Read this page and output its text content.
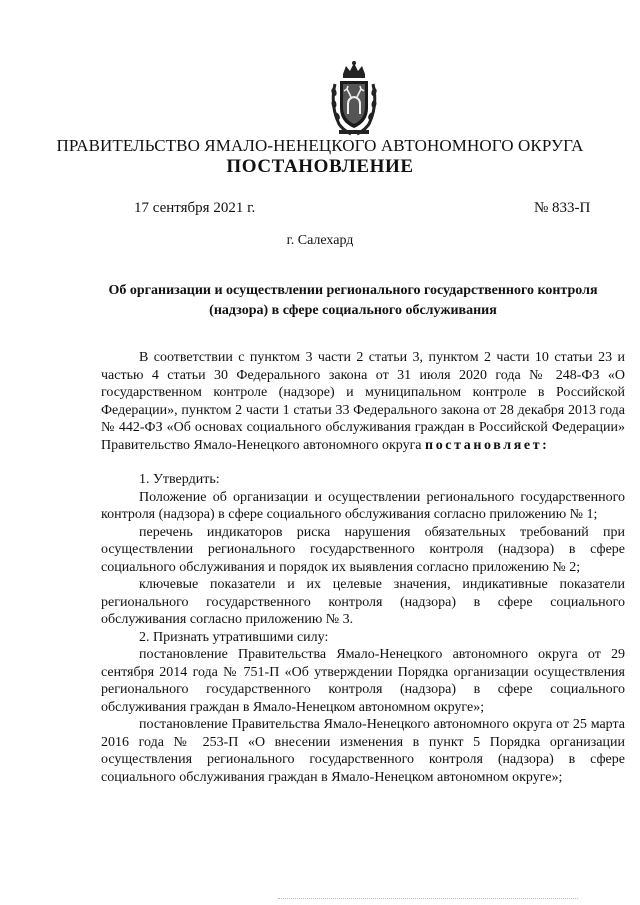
ПРАВИТЕЛЬСТВО ЯМАЛО-НЕНЕЦКОГО АВТОНОМНОГО ОКРУГА
ПОСТАНОВЛЕНИЕ
17 сентября 2021 г.	№ 833-П
г. Салехард
Об организации и осуществлении регионального государственного контроля (надзора) в сфере социального обслуживания

В соответствии с пунктом 3 части 2 статьи 3, пунктом 2 части 10 статьи 23 и частью 4 статьи 30 Федерального закона от 31 июля 2020 года № 248-ФЗ «О государственном контроле (надзоре) и муниципальном контроле в Российской Федерации», пунктом 2 части 1 статьи 33 Федерального закона от 28 декабря 2013 года № 442-ФЗ «Об основах социального обслуживания граждан в Российской Федерации» Правительство Ямало-Ненецкого автономного округа постановляет:

1. Утвердить:

Положение об организации и осуществлении регионального государственного контроля (надзора) в сфере социального обслуживания согласно приложению № 1;

перечень индикаторов риска нарушения обязательных требований при осуществлении регионального государственного контроля (надзора) в сфере социального обслуживания и порядок их выявления согласно приложению № 2;

ключевые показатели и их целевые значения, индикативные показатели регионального государственного контроля (надзора) в сфере социального обслуживания согласно приложению № 3.

2. Признать утратившими силу:

постановление Правительства Ямало-Ненецкого автономного округа от 29 сентября 2014 года № 751-П «Об утверждении Порядка организации осуществления регионального государственного контроля (надзора) в сфере социального обслуживания граждан в Ямало-Ненецком автономном округе»;

постановление Правительства Ямало-Ненецкого автономного округа от 25 марта 2016 года № 253-П «О внесении изменения в пункт 5 Порядка организации осуществления регионального государственного контроля (надзора) в сфере социального обслуживания граждан в Ямало-Ненецком автономном округе»;
